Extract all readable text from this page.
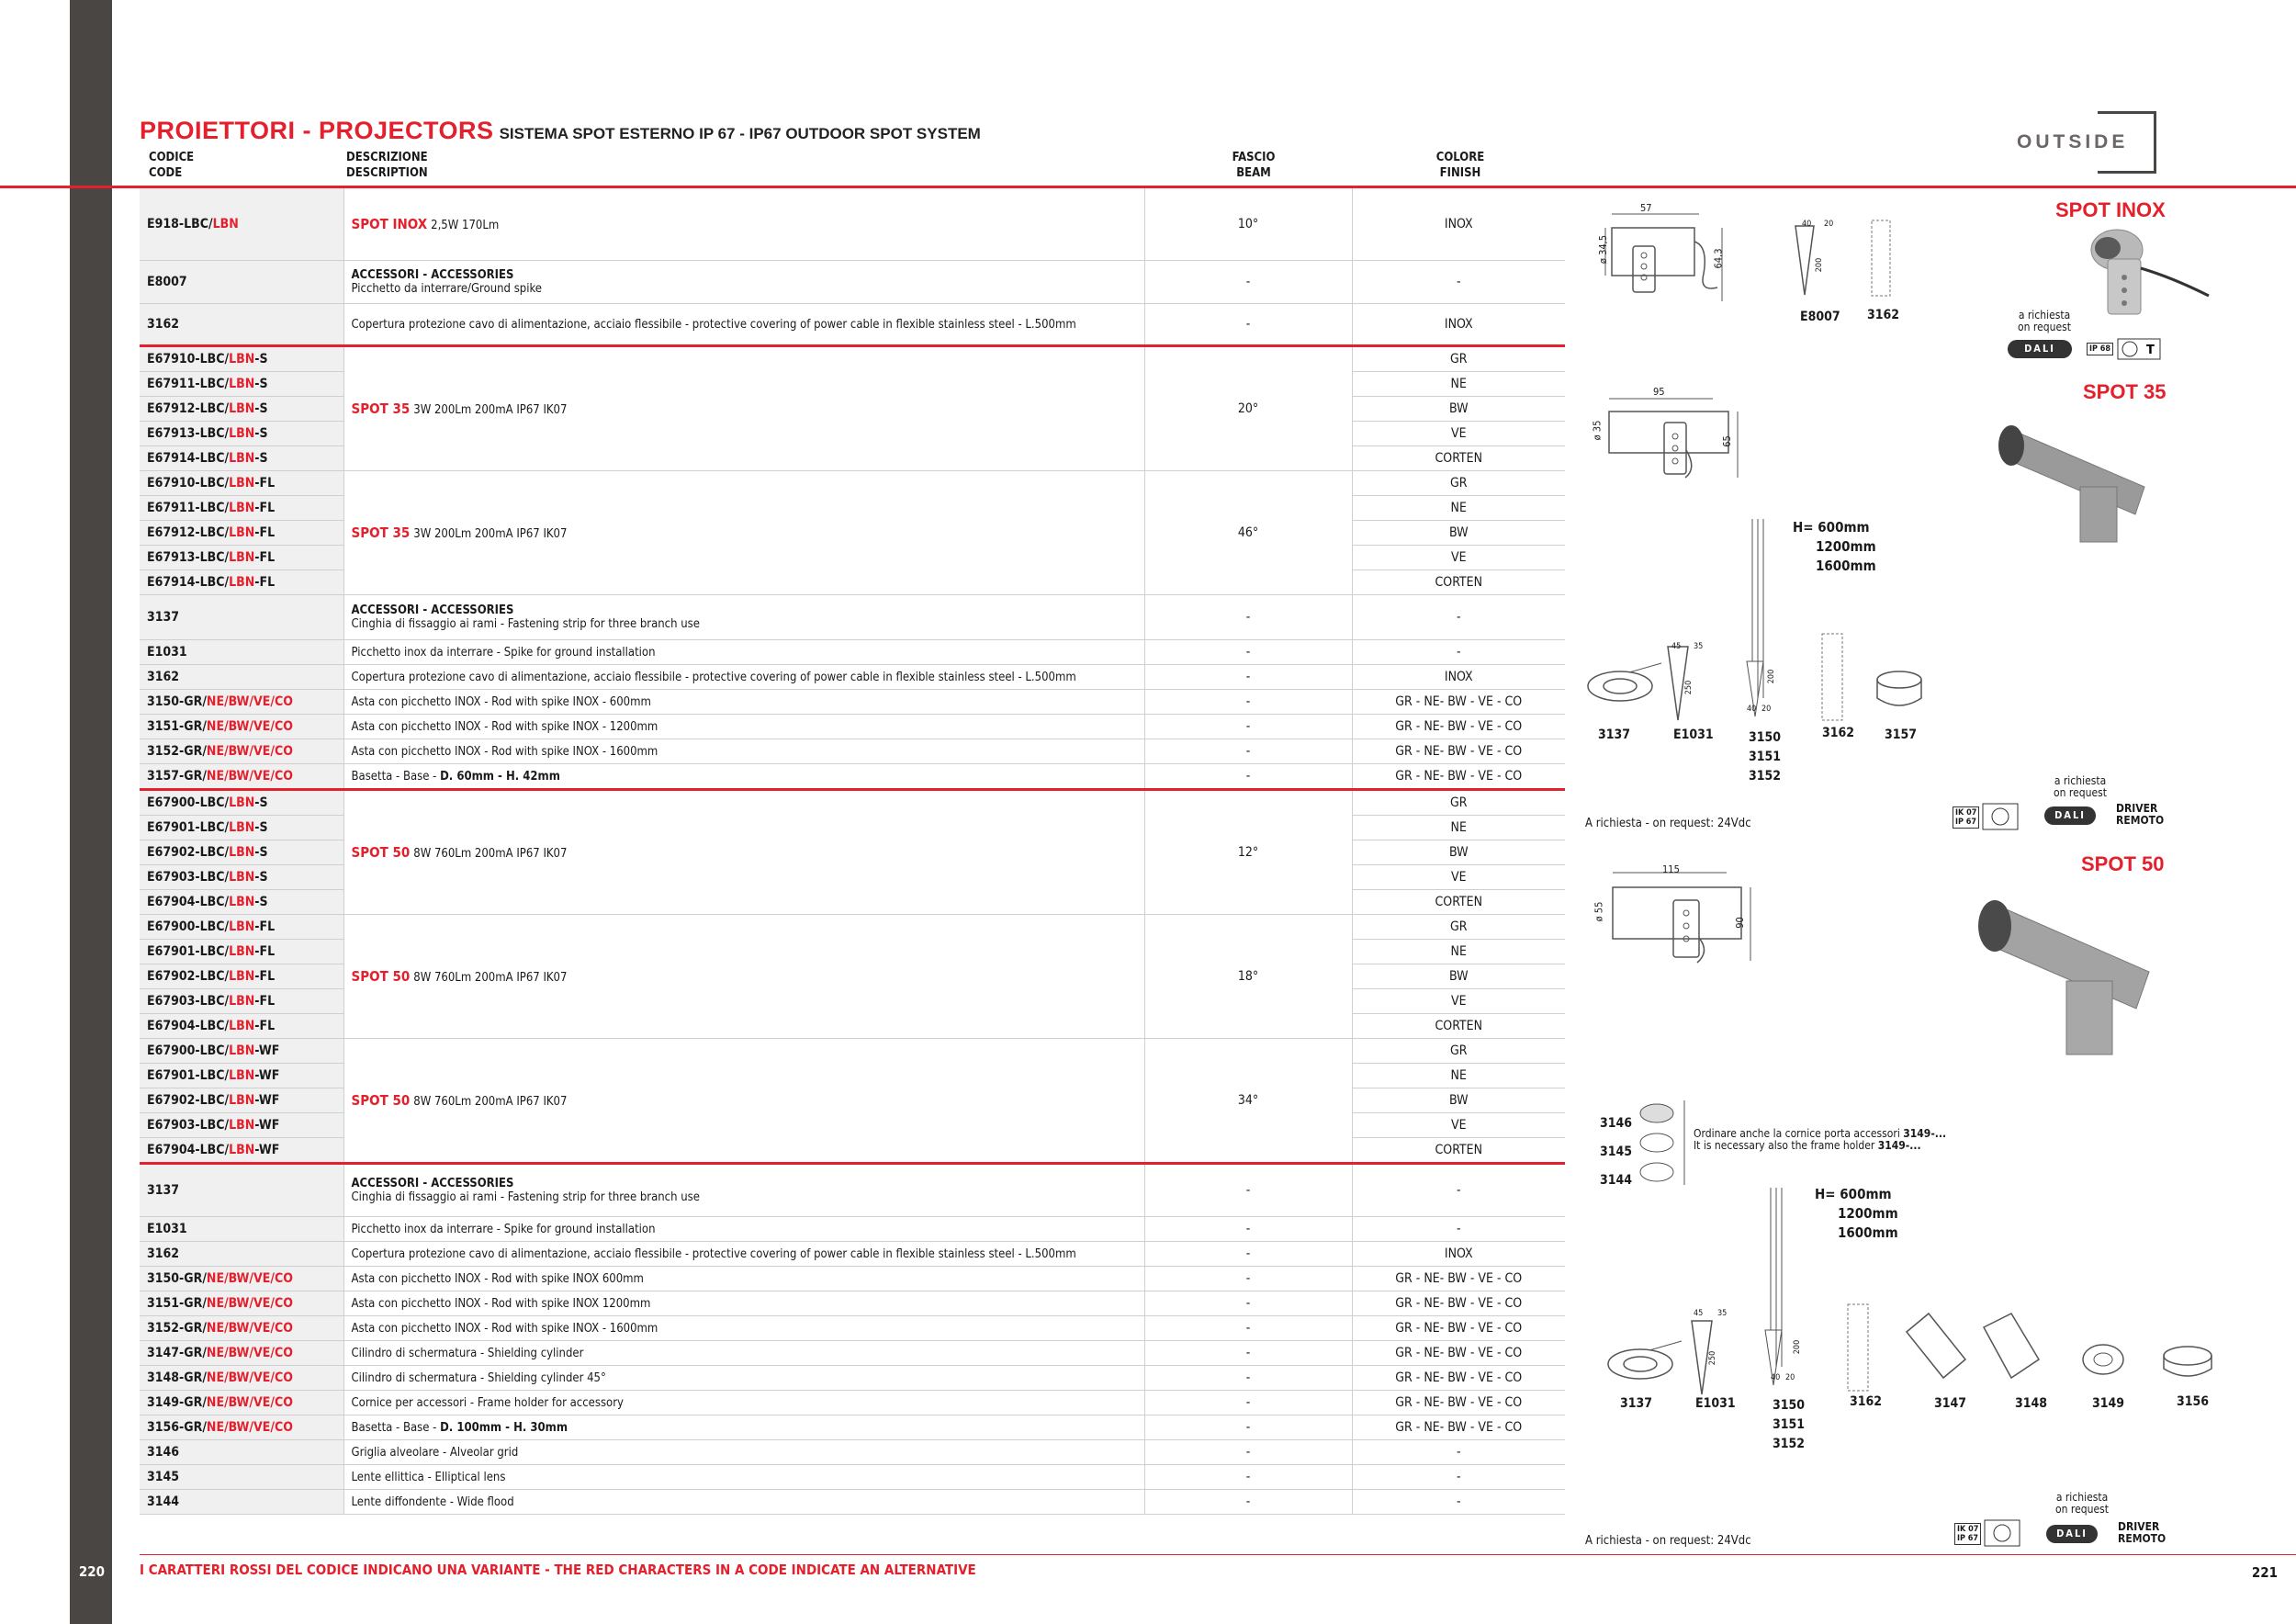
220	221
PROIETTORI - PROJECTORS SISTEMA SPOT ESTERNO IP 67 - IP67 OUTDOOR SPOT SYSTEM
CODICE
CODE
DESCRIZIONE
DESCRIPTION
FASCIO
BEAM
COLORE
FINISH
OUTSIDE
E918-LBC/LBN	SPOT INOX 2,5W 170Lm	10°	INOX
E8007	ACCESSORI - ACCESSORIES
Picchetto da interrare/Ground spike	-	-
3162	Copertura protezione cavo di alimentazione, acciaio flessibile - protective covering of power cable in flexible stainless steel - L.500mm	-	INOX
E67910-LBC/LBN-S	SPOT 35 3W 200Lm 200mA IP67 IK07	20°	GR
E67911-LBC/LBN-S			NE
E67912-LBC/LBN-S			BW
E67913-LBC/LBN-S			VE
E67914-LBC/LBN-S			CORTEN
E67910-LBC/LBN-FL	SPOT 35 3W 200Lm 200mA IP67 IK07	46°	GR
E67911-LBC/LBN-FL			NE
E67912-LBC/LBN-FL			BW
E67913-LBC/LBN-FL			VE
E67914-LBC/LBN-FL			CORTEN
3137	ACCESSORI - ACCESSORIES
Cinghia di fissaggio ai rami - Fastening strip for three branch use	-	-
E1031	Picchetto inox da interrare - Spike for ground installation	-	-
3162	Copertura protezione cavo di alimentazione, acciaio flessibile - protective covering of power cable in flexible stainless steel - L.500mm	-	INOX
3150-GR/NE/BW/VE/CO	Asta con picchetto INOX - Rod with spike INOX - 600mm	-	GR - NE- BW - VE - CO
3151-GR/NE/BW/VE/CO	Asta con picchetto INOX - Rod with spike INOX - 1200mm	-	GR - NE- BW - VE - CO
3152-GR/NE/BW/VE/CO	Asta con picchetto INOX - Rod with spike INOX - 1600mm	-	GR - NE- BW - VE - CO
3157-GR/NE/BW/VE/CO	Basetta - Base - D. 60mm - H. 42mm	-	GR - NE- BW - VE - CO
E67900-LBC/LBN-S	SPOT 50 8W 760Lm 200mA IP67 IK07	12°	GR
E67901-LBC/LBN-S			NE
E67902-LBC/LBN-S			BW
E67903-LBC/LBN-S			VE
E67904-LBC/LBN-S			CORTEN
E67900-LBC/LBN-FL	SPOT 50 8W 760Lm 200mA IP67 IK07	18°	GR
E67901-LBC/LBN-FL			NE
E67902-LBC/LBN-FL			BW
E67903-LBC/LBN-FL			VE
E67904-LBC/LBN-FL			CORTEN
E67900-LBC/LBN-WF	SPOT 50 8W 760Lm 200mA IP67 IK07	34°	GR
E67901-LBC/LBN-WF			NE
E67902-LBC/LBN-WF			BW
E67903-LBC/LBN-WF			VE
E67904-LBC/LBN-WF			CORTEN
3137	ACCESSORI - ACCESSORIES
Cinghia di fissaggio ai rami - Fastening strip for three branch use	-	-
E1031	Picchetto inox da interrare - Spike for ground installation	-	-
3162	Copertura protezione cavo di alimentazione, acciaio flessibile - protective covering of power cable in flexible stainless steel - L.500mm	-	INOX
3150-GR/NE/BW/VE/CO	Asta con picchetto INOX - Rod with spike INOX 600mm	-	GR - NE- BW - VE - CO
3151-GR/NE/BW/VE/CO	Asta con picchetto INOX - Rod with spike INOX 1200mm	-	GR - NE- BW - VE - CO
3152-GR/NE/BW/VE/CO	Asta con picchetto INOX - Rod with spike INOX - 1600mm	-	GR - NE- BW - VE - CO
3147-GR/NE/BW/VE/CO	Cilindro di schermatura - Shielding cylinder	-	GR - NE- BW - VE - CO
3148-GR/NE/BW/VE/CO	Cilindro di schermatura - Shielding cylinder 45°	-	GR - NE- BW - VE - CO
3149-GR/NE/BW/VE/CO	Cornice per accessori - Frame holder for accessory	-	GR - NE- BW - VE - CO
3156-GR/NE/BW/VE/CO	Basetta - Base - D. 100mm - H. 30mm	-	GR - NE- BW - VE - CO
3146	Griglia alveolare - Alveolar grid	-	-
3145	Lente ellittica - Elliptical lens	-	-
3144	Lente diffondente - Wide flood	-	-
SPOT INOX
57
ø 34,5	64,3
40 20
200
E8007 3162	a richiesta
on request
DALI	IP 68	T
SPOT 35
95
ø 35
65
H= 600mm
1200mm
1600mm
45 35
250
40 20
200
3137	E1031	3150
3151
3152
3162 3157
a richiesta
on request
A richiesta - on request: 24Vdc
IK 07
IP 67
DALI
DRIVER
REMOTO
SPOT 50
115
ø 55
90
3146
3145
3144
Ordinare anche la cornice porta accessori 3149-...
It is necessary also the frame holder 3149-...
H= 600mm
1200mm
1600mm
45 35
250
40 20
200
3137	E1031	3150
3151
3152
3162	3147	3148	3149	3156
a richiesta
on request
A richiesta - on request: 24Vdc
IK 07
IP 67	DALI
DRIVER
REMOTO
I CARATTERI ROSSI DEL CODICE INDICANO UNA VARIANTE - THE RED CHARACTERS IN A CODE INDICATE AN ALTERNATIVE
